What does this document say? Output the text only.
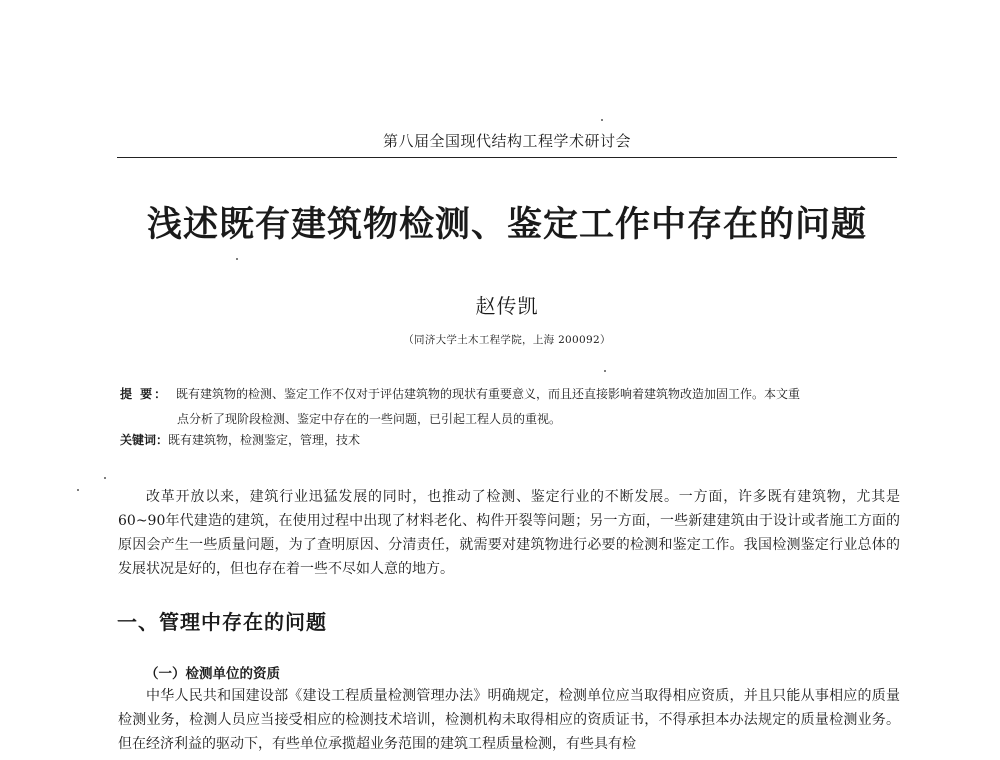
第八届全国现代结构工程学术研讨会
浅述既有建筑物检测、鉴定工作中存在的问题
赵传凯
（同济大学土木工程学院，上海 200092）
提 要： 既有建筑物的检测、鉴定工作不仅对于评估建筑物的现状有重要意义，而且还直接影响着建筑物改造加固工作。本文重
点分析了现阶段检测、鉴定中存在的一些问题，已引起工程人员的重视。
关键词：既有建筑物，检测鉴定，管理，技术
改革开放以来，建筑行业迅猛发展的同时，也推动了检测、鉴定行业的不断发展。一方面，许多既有建筑物，尤其是60~90年代建造的建筑，在使用过程中出现了材料老化、构件开裂等问题；另一方面，一些新建建筑由于设计或者施工方面的原因会产生一些质量问题，为了查明原因、分清责任，就需要对建筑物进行必要的检测和鉴定工作。我国检测鉴定行业总体的发展状况是好的，但也存在着一些不尽如人意的地方。
一、管理中存在的问题
（一）检测单位的资质
中华人民共和国建设部《建设工程质量检测管理办法》明确规定，检测单位应当取得相应资质，并且只能从事相应的质量检测业务，检测人员应当接受相应的检测技术培训，检测机构未取得相应的资质证书，不得承担本办法规定的质量检测业务。但在经济利益的驱动下，有些单位承揽超业务范围的建筑工程质量检测，有些具有检
